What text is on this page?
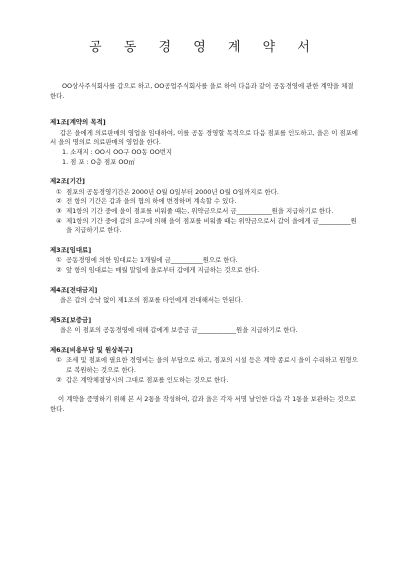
공 동 경 영 계 약 서

OO상사주식회사를 갑으로 하고, OO공업주식회사를 을로 하여 다음과 같이 공동경영에 관한 계약을 체결한다.

제1조[계약의 목적]

갑은 을에게 의료판매의 영업을 임대하여, 이를 공동 경영할 목적으로 다음 점포를 인도하고, 을은 이 점포에서 을의 명의로 의료판매의 영업을 한다.

1. 소재지 : OO시 OO구 OO동 OO번지
1. 점 포 : O층 점포 OO㎡
제2조[기간]
① 점포의 공동경영기간은 2000년 O월 O일부터 2000년 O월 O일까지로 한다.
② 전 항의 기간은 갑과 을의 협의 하에 변경하며 계속할 수 있다.
③ 제1항의 기간 중에 을이 점포를 비워줄 때는, 위약금으로서 금___________원을 지급하기로 한다.
④ 제1항의 기간 중에 갑의 요구에 의해 을이 점포를 비워줄 때는 위약금으로서 갑이 을에게 금__________원을 지급하기로 한다.
제3조[임대료]
① 공동경영에 의한 임대료는 1개월에 금__________원으로 한다.
② 앞 항의 임대료는 매월 말일에 을로부터 갑에게 지급하는 것으로 한다.
제4조[전대금지]

을은 갑의 승낙 없이 제1조의 점포를 타인에게 전대해서는 안된다.

제5조[보증금]

을은 이 점포의 공동경영에 대해 갑에게 보증금 금____________원을 지급하기로 한다.

제6조[비용부담 및 원상복구]
① 조세 및 점포에 필요한 경영비는 을의 부담으로 하고, 점포의 시설 등은 계약 종료시 을이 수리하고 원형으로 복원하는 것으로 한다.
② 갑은 계약체결당시의 그대로 점포를 인도하는 것으로 한다.

이 계약을 증명하기 위해 본 서 2통을 작성하여, 갑과 을은 각자 서명 날인한 다음 각 1통을 보관하는 것으로 한다.
